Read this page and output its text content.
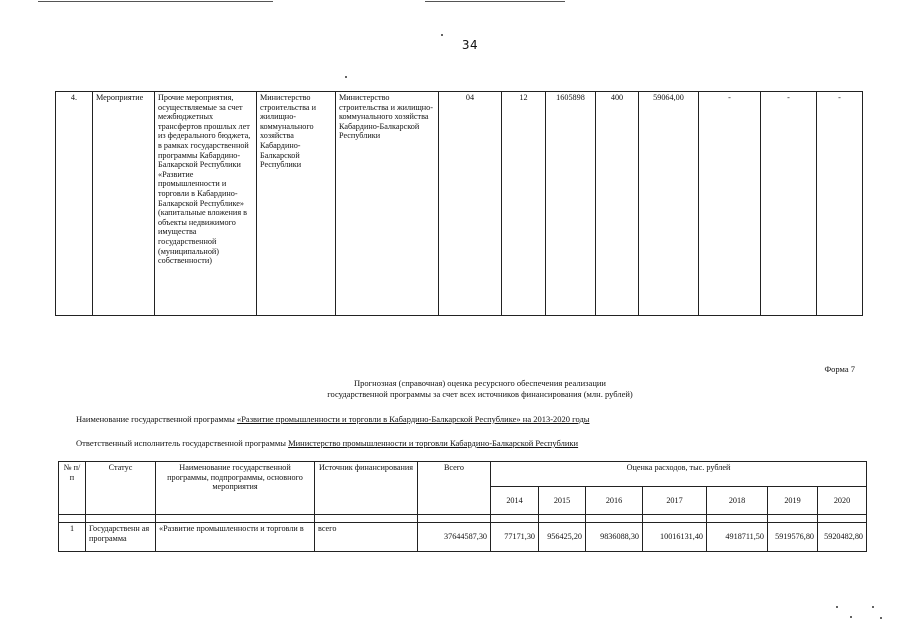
34
4.	Мероприятие	Прочие мероприятия, осуществляемые за счет межбюджетных трансфертов прошлых лет из федерального бюджета, в рамках государственной программы Кабардино-Балкарской Республики «Развитие промышленности и торговли в Кабардино-Балкарской Республике» (капитальные вложения в объекты недвижимого имущества государственной (муниципальной) собственности)	Министерство строительства и жилищно-коммунального хозяйства Кабардино-Балкарской Республики	Министерство строительства и жилищно-коммунального хозяйства Кабардино-Балкарской Республики	04	12	1605898	400	59064,00	-	-	-
Форма 7
Прогнозная (справочная) оценка ресурсного обеспечения реализации
государственной программы за счет всех источников финансирования (млн. рублей)
Наименование государственной программы «Развитие промышленности и торговли в Кабардино-Балкарской Республике» на 2013-2020 годы
Ответственный исполнитель государственной программы Министерство промышленности и торговли Кабардино-Балкарской Республики
№ п/п	Статус	Наименование государственной программы, подпрограммы, основного мероприятия	Источник финансирования	Всего	Оценка расходов, тыс. рублей						
					2014	2015	2016	2017	2018	2019	2020

1	Государственн ая программа	«Развитие промышленности и торговли в	всего	37644587,30	77171,30	956425,20	9836088,30	10016131,40	4918711,50	5919576,80	5920482,80
